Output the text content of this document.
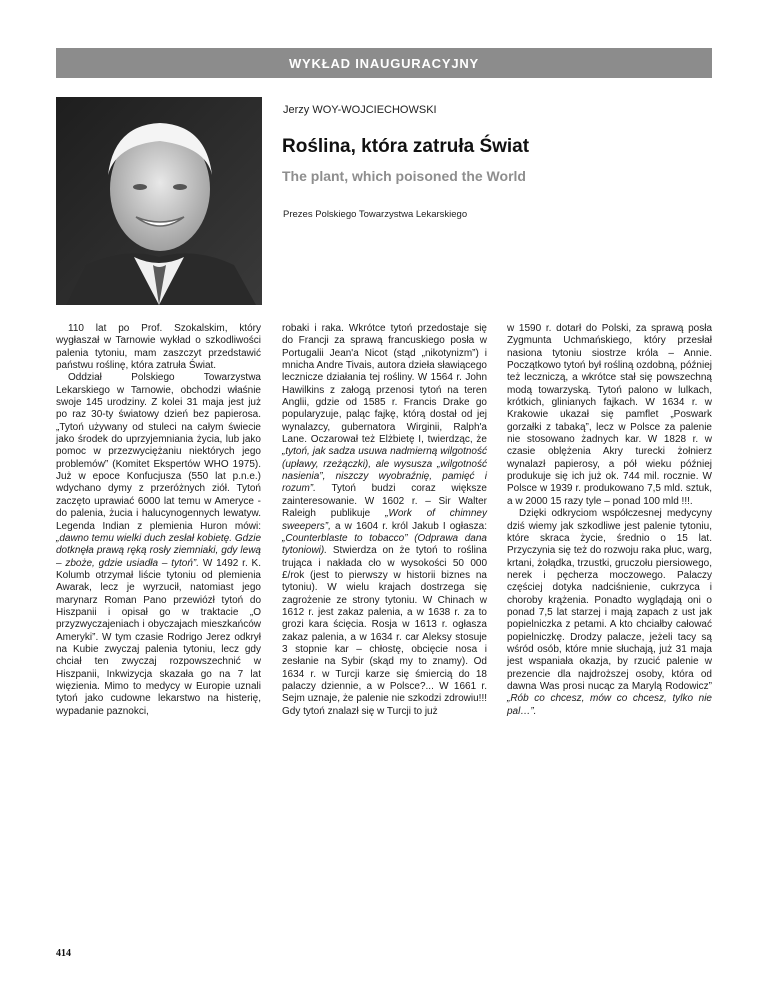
WYKŁAD INAUGURACYJNY
Jerzy WOY-WOJCIECHOWSKI
Roślina, która zatruła Świat
The plant, which poisoned the World
Prezes Polskiego Towarzystwa Lekarskiego

110 lat po Prof. Szokalskim, który wygłaszał w Tarnowie wykład o szkodliwości palenia tytoniu, mam zaszczyt przedstawić państwu roślinę, która zatruła Świat.

Oddział Polskiego Towarzystwa Lekarskiego w Tarnowie, obchodzi właśnie swoje 145 urodziny. Z kolei 31 maja jest już po raz 30-ty światowy dzień bez papierosa. „Tytoń używany od stuleci na całym świecie jako środek do uprzyjemniania życia, lub jako pomoc w przezwyciężaniu niektórych jego problemów” (Komitet Ekspertów WHO 1975). Już w epoce Konfucjusza (550 lat p.n.e.) wdychano dymy z przeróżnych ziół. Tytoń zaczęto uprawiać 6000 lat temu w Ameryce - do palenia, żucia i halucynogennych lewatyw. Legenda Indian z plemienia Huron mówi: „dawno temu wielki duch zesłał kobietę. Gdzie dotknęła prawą ręką rosły ziemniaki, gdy lewą – zboże, gdzie usiadła – tytoń”. W 1492 r. K. Kolumb otrzymał liście tytoniu od plemienia Awarak, lecz je wyrzucił, natomiast jego marynarz Roman Pano przewiózł tytoń do Hiszpanii i opisał go w traktacie „O przyzwyczajeniach i obyczajach mieszkańców Ameryki”. W tym czasie Rodrigo Jerez odkrył na Kubie zwyczaj palenia tytoniu, lecz gdy chciał ten zwyczaj rozpowszechnić w Hiszpanii, Inkwizycja skazała go na 7 lat więzienia. Mimo to medycy w Europie uznali tytoń jako cudowne lekarstwo na histerię, wypadanie paznokci,

robaki i raka. Wkrótce tytoń przedostaje się do Francji za sprawą francuskiego posła w Portugalii Jean'a Nicot (stąd „nikotynizm”) i mnicha Andre Tivais, autora dzieła sławiącego lecznicze działania tej rośliny. W 1564 r. John Hawilkins z załogą przenosi tytoń na teren Anglii, gdzie od 1585 r. Francis Drake go popularyzuje, paląc fajkę, którą dostał od jej wynalazcy, gubernatora Wirginii, Ralph'a Lane. Oczarował też Elżbietę I, twierdząc, że „tytoń, jak sadza usuwa nadmierną wilgotność (upławy, rzeżączki), ale wysusza „wilgotność nasienia”, niszczy wyobraźnię, pamięć i rozum”. Tytoń budzi coraz większe zainteresowanie. W 1602 r. – Sir Walter Raleigh publikuje „Work of chimney sweepers”, a w 1604 r. król Jakub I ogłasza: „Counterblaste to tobacco” (Odprawa dana tytoniowi). Stwierdza on że tytoń to roślina trująca i nakłada cło w wysokości 50 000 £/rok (jest to pierwszy w historii biznes na tytoniu). W wielu krajach dostrzega się zagrożenie ze strony tytoniu. W Chinach w 1612 r. jest zakaz palenia, a w 1638 r. za to grozi kara ścięcia. Rosja w 1613 r. ogłasza zakaz palenia, a w 1634 r. car Aleksy stosuje 3 stopnie kar – chłostę, obcięcie nosa i zesłanie na Sybir (skąd my to znamy). Od 1634 r. w Turcji karze się śmiercią do 18 palaczy dziennie, a w Polsce?... W 1661 r. Sejm uznaje, że palenie nie szkodzi zdrowiu!!! Gdy tytoń znalazł się w Turcji to już

w 1590 r. dotarł do Polski, za sprawą posła Zygmunta Uchmańskiego, który przesłał nasiona tytoniu siostrze króla – Annie. Początkowo tytoń był rośliną ozdobną, później też leczniczą, a wkrótce stał się powszechną modą towarzyską. Tytoń palono w lulkach, krótkich, glinianych fajkach. W 1634 r. w Krakowie ukazał się pamflet „Poswark gorzałki z tabaką”, lecz w Polsce za palenie nie stosowano żadnych kar. W 1828 r. w czasie oblężenia Akry turecki żołnierz wynalazł papierosy, a pół wieku później produkuje się ich już ok. 744 mil. rocznie. W Polsce w 1939 r. produkowano 7,5 mld. sztuk, a w 2000 15 razy tyle – ponad 100 mld !!!.

Dzięki odkryciom współczesnej medycyny dziś wiemy jak szkodliwe jest palenie tytoniu, które skraca życie, średnio o 15 lat. Przyczynia się też do rozwoju raka płuc, warg, krtani, żołądka, trzustki, gruczołu piersiowego, nerek i pęcherza moczowego. Palaczy częściej dotyka nadciśnienie, cukrzyca i choroby krążenia. Ponadto wyglądają oni o ponad 7,5 lat starzej i mają zapach z ust jak popielniczka z petami. A kto chciałby całować popielniczkę. Drodzy palacze, jeżeli tacy są wśród osób, które mnie słuchają, już 31 maja jest wspaniała okazja, by rzucić palenie w prezencie dla najdroższej osoby, która od dawna Was prosi nucąc za Marylą Rodowicz” „Rób co chcesz, mów co chcesz, tylko nie pal…”.

414
